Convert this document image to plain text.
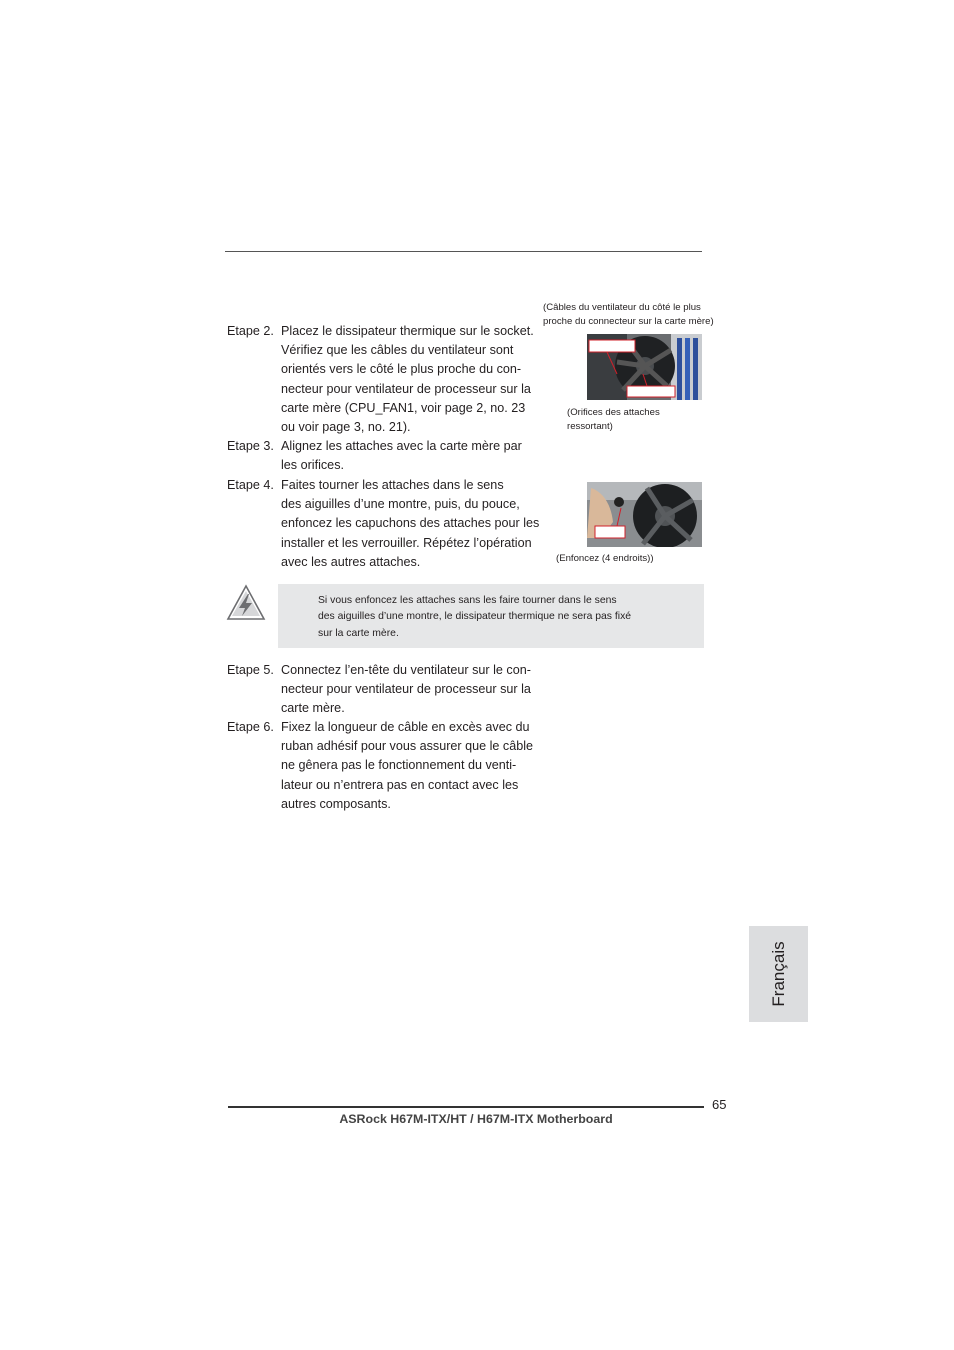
(Câbles du ventilateur du côté le plus
proche du connecteur sur la carte mère)
(Orifices des attaches
ressortant)
(Enfoncez (4 endroits))
Etape 2. Placez le dissipateur thermique sur le socket.
Vérifiez que les câbles du ventilateur sont
orientés vers le côté le plus proche du con-
necteur pour ventilateur de processeur sur la
carte mère (CPU_FAN1, voir page 2, no. 23
ou voir page 3, no. 21).
Etape 3. Alignez les attaches avec la carte mère par
les orifices.
Etape 4. Faites tourner les attaches dans le sens
des aiguilles d’une montre, puis, du pouce,
enfoncez les capuchons des attaches pour les
installer et les verrouiller. Répétez l’opération
avec les autres attaches.
Si vous enfoncez les attaches sans les faire tourner dans le sens
des aiguilles d’une montre, le dissipateur thermique ne sera pas fixé
sur la carte mère.
Etape 5. Connectez l’en-tête du ventilateur sur le con-
necteur pour ventilateur de processeur sur la
carte mère.
Etape 6. Fixez la longueur de câble en excès avec du
ruban adhésif pour vous assurer que le câble
ne gênera pas le fonctionnement du venti-
lateur ou n’entrera pas en contact avec les
autres composants.
Français
65
ASRock H67M-ITX/HT / H67M-ITX Motherboard
